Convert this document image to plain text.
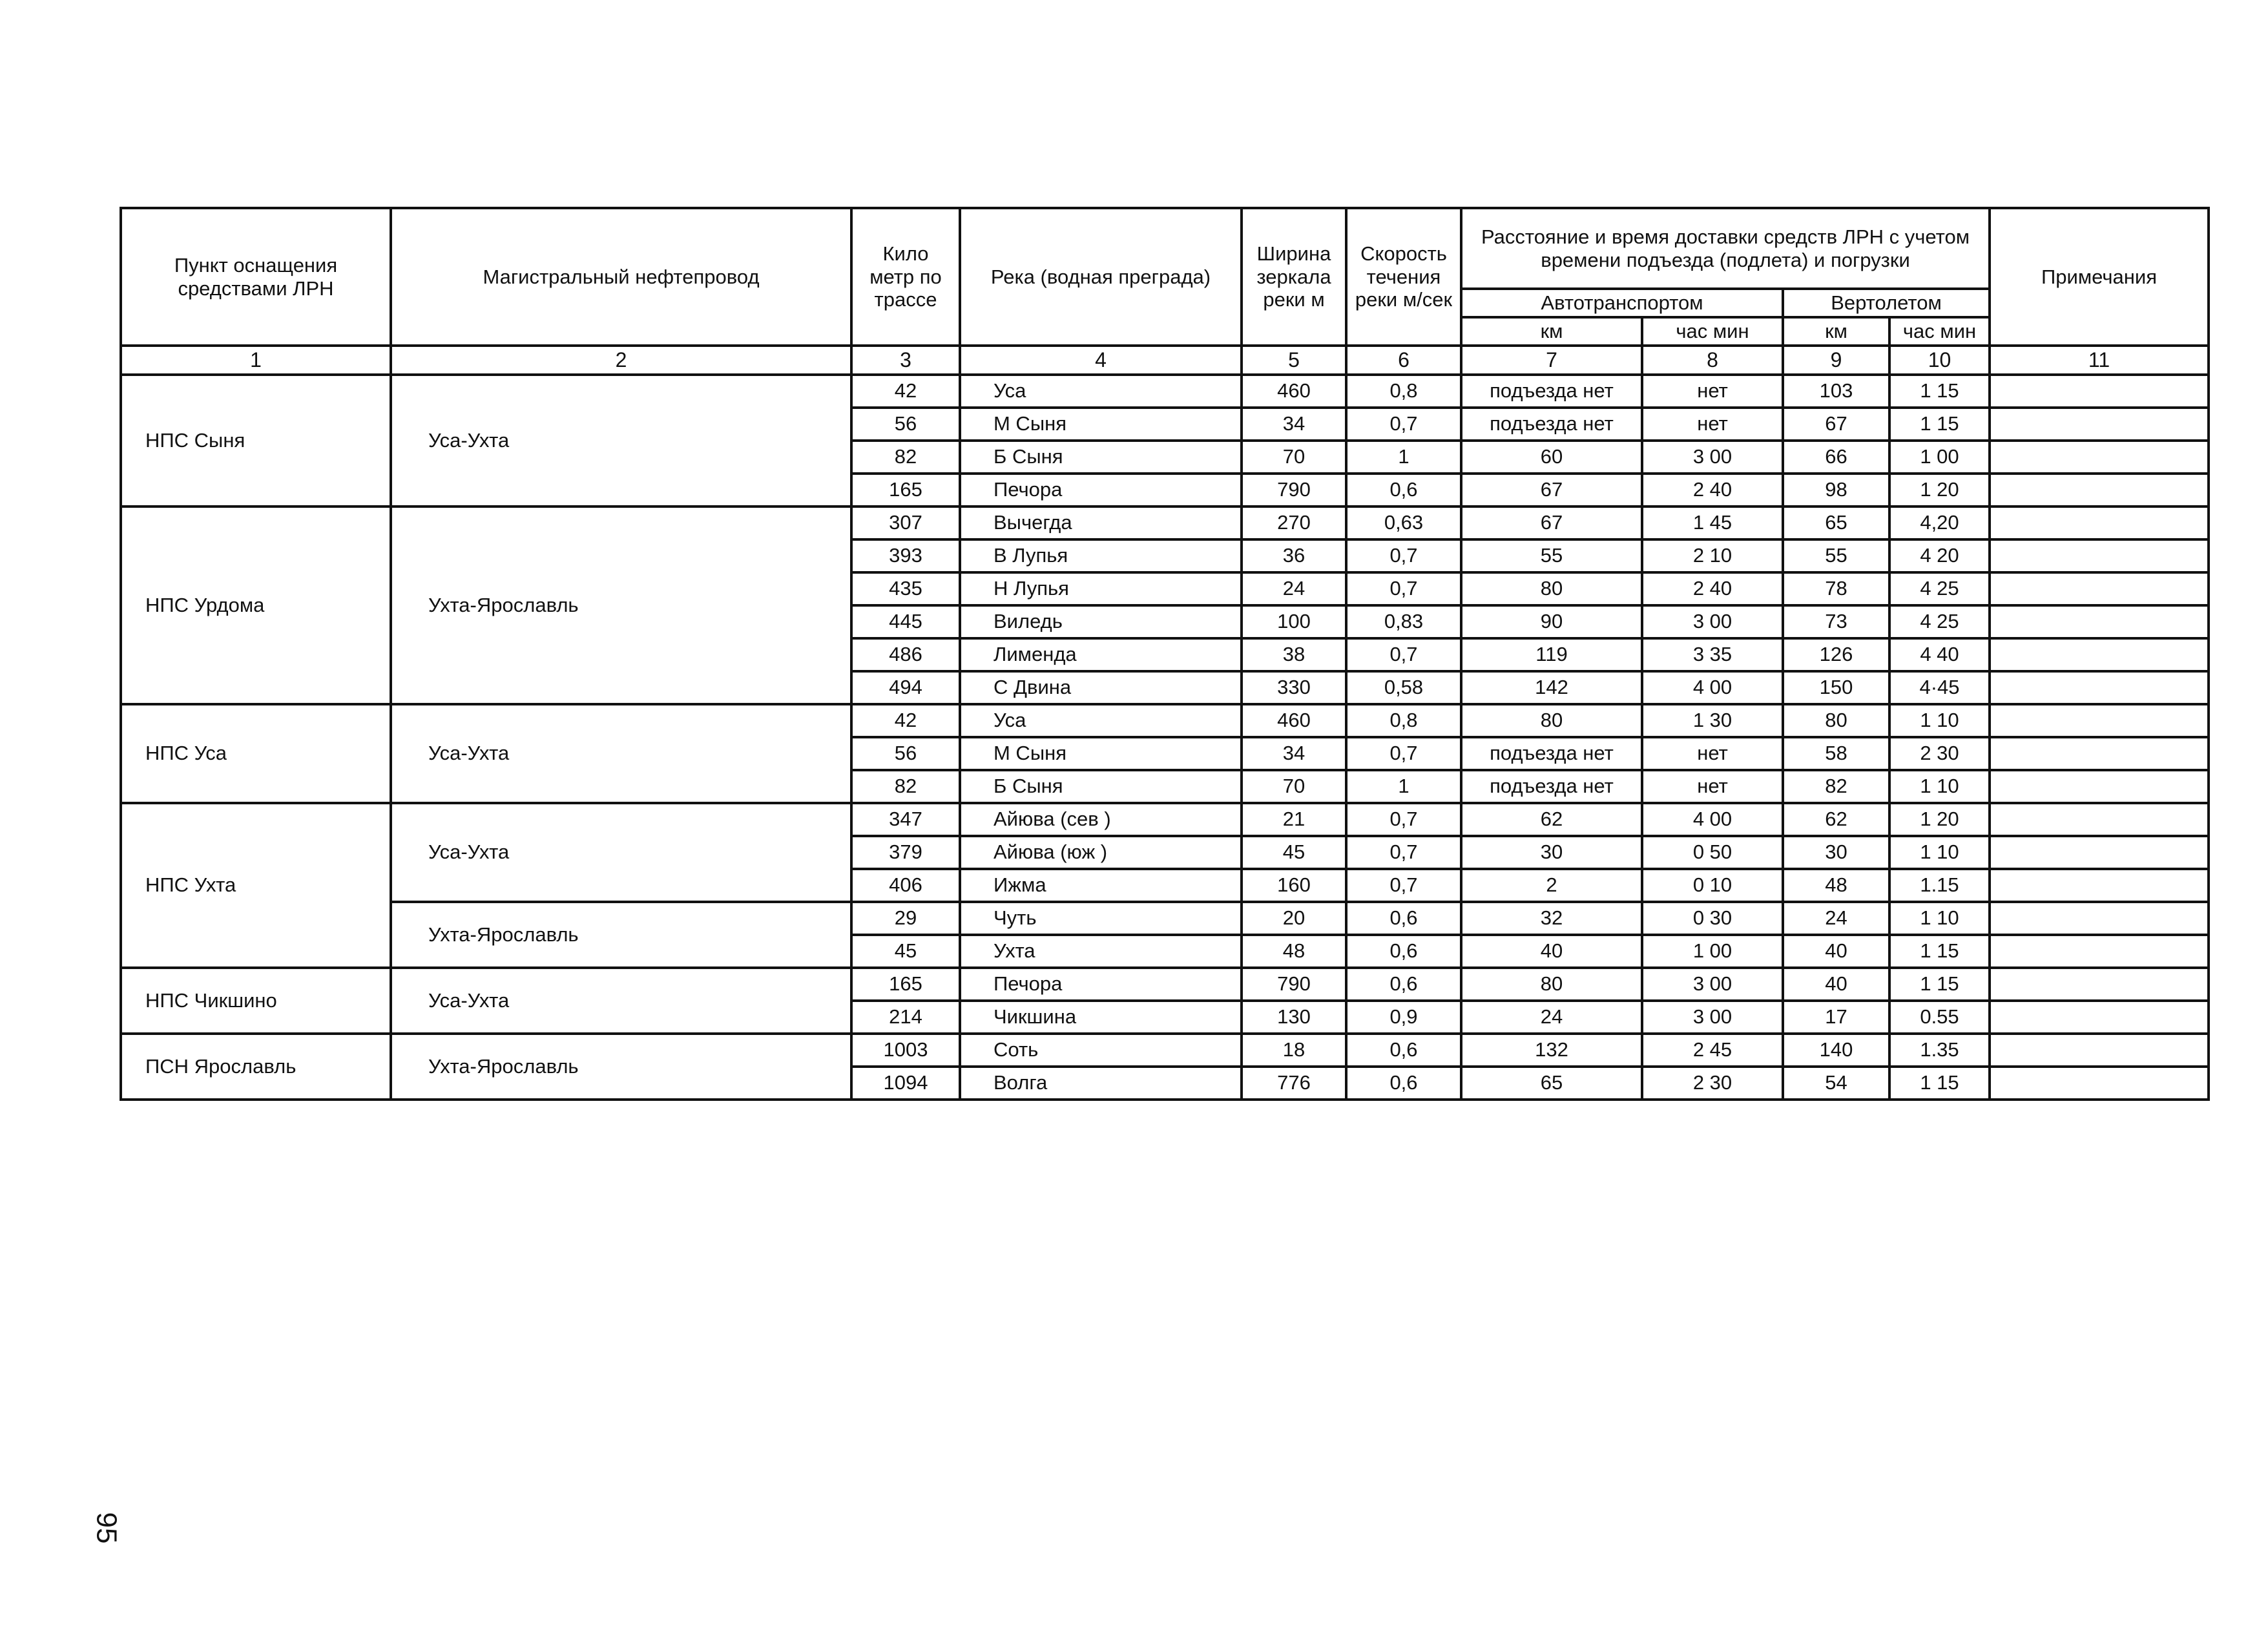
Пункт оснащения средствами ЛРН	Магистральный нефтепровод	Кило метр по трассе	Река (водная преграда)	Ширина зеркала реки м	Скорость течения реки м/сек	Расстояние и время доставки средств ЛРН с учетом времени подъезда (подлета) и погрузки				Примечания
						Автотранспортом		Вертолетом		
						км	час мин	км	час мин	
1	2	3	4	5	6	7	8	9	10	11
НПС Сыня	Уса-Ухта	42	Уса	460	0,8	подъезда нет	нет	103	1 15	
		56	М Сыня	34	0,7	подъезда нет	нет	67	1 15	
		82	Б Сыня	70	1	60	3 00	66	1 00	
		165	Печора	790	0,6	67	2 40	98	1 20	
НПС Урдома	Ухта-Ярославль	307	Вычегда	270	0,63	67	1 45	65	4,20	
		393	В Лупья	36	0,7	55	2 10	55	4 20	
		435	Н Лупья	24	0,7	80	2 40	78	4 25	
		445	Виледь	100	0,83	90	3 00	73	4 25	
		486	Лименда	38	0,7	119	3 35	126	4 40	
		494	С Двина	330	0,58	142	4 00	150	4·45	
НПС Уса	Уса-Ухта	42	Уса	460	0,8	80	1 30	80	1 10	
		56	М Сыня	34	0,7	подъезда нет	нет	58	2 30	
		82	Б Сыня	70	1	подъезда нет	нет	82	1 10	
НПС Ухта	Уса-Ухта	347	Айюва (сев )	21	0,7	62	4 00	62	1 20	
		379	Айюва (юж )	45	0,7	30	0 50	30	1 10	
		406	Ижма	160	0,7	2	0 10	48	1.15	
	Ухта-Ярославль	29	Чуть	20	0,6	32	0 30	24	1 10	
		45	Ухта	48	0,6	40	1 00	40	1 15	
НПС Чикшино	Уса-Ухта	165	Печора	790	0,6	80	3 00	40	1 15	
		214	Чикшина	130	0,9	24	3 00	17	0.55	
ПСН Ярославль	Ухта-Ярославль	1003	Соть	18	0,6	132	2 45	140	1.35	
		1094	Волга	776	0,6	65	2 30	54	1 15	
95
